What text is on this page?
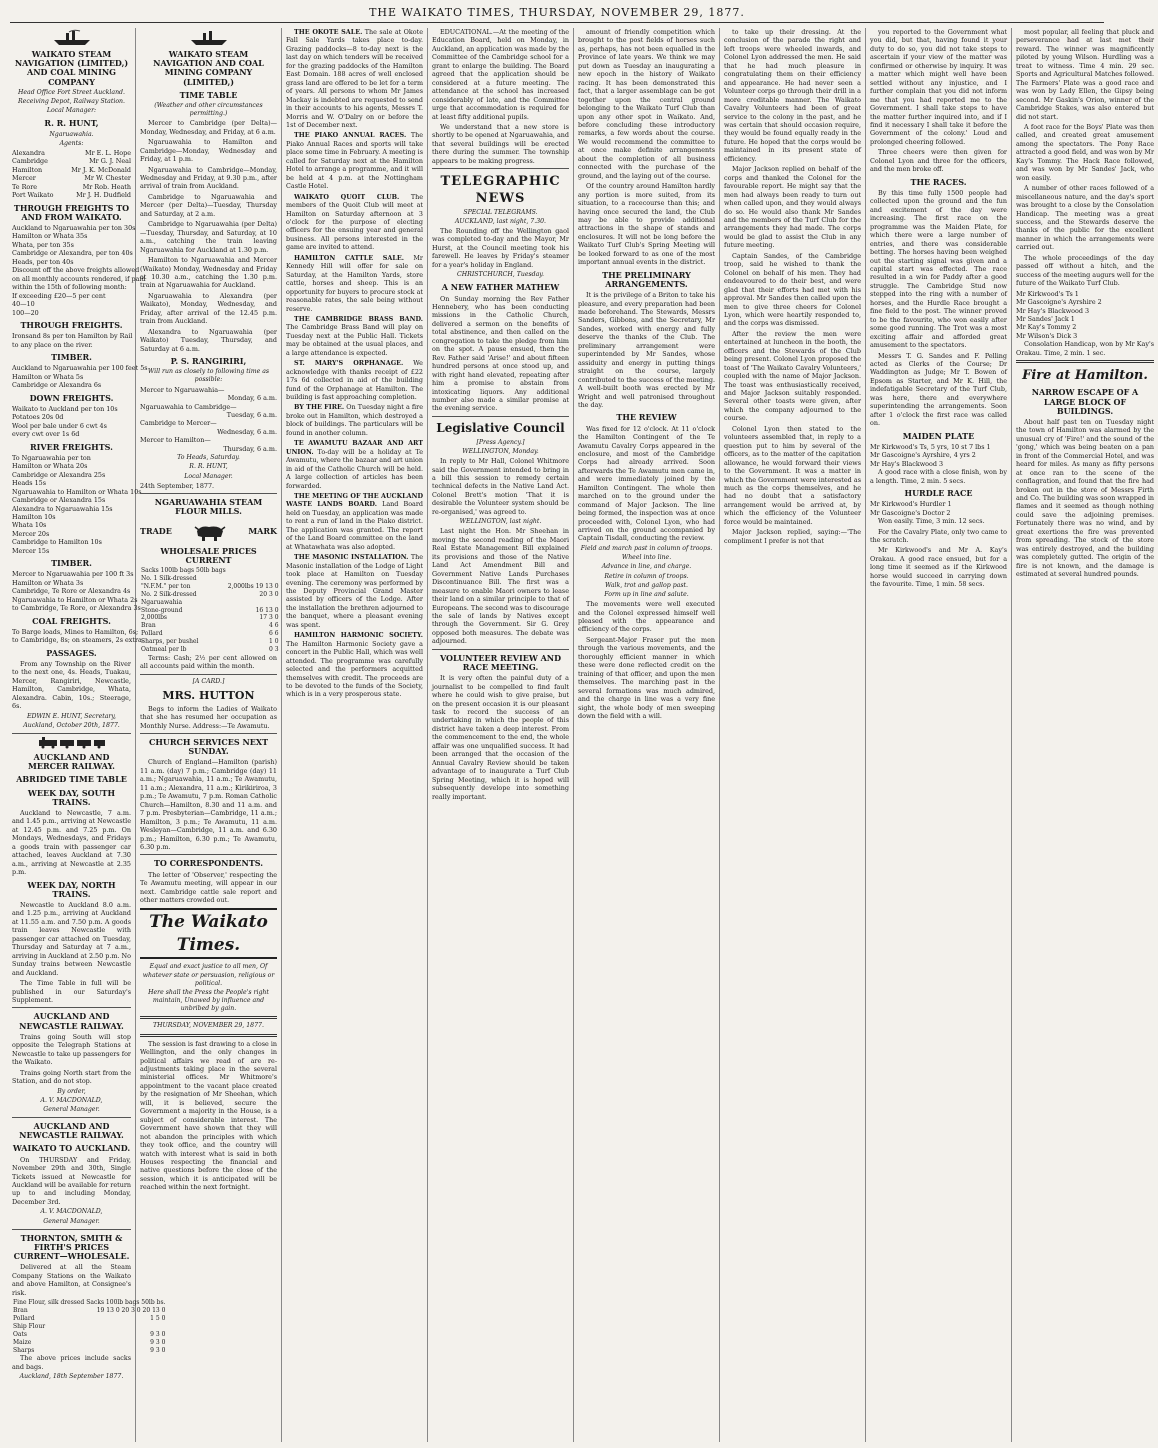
THE WAIKATO TIMES, THURSDAY, NOVEMBER 29, 1877.
WAIKATO STEAM NAVIGATION (LIMITED,) AND COAL MINING COMPANY
Head Office Fort Street Auckland.
Receiving Depot, Railway Station.
Local Manager:
R. R. HUNT,
Ngaruawahia.
Agents:
Alexandra	Mr E. L. Hope
Cambridge	Mr G. J. Neal
Hamilton	Mr J. K. McDonald
Mercer	Mr W. Chester
Te Rore	Mr Rob. Heath
Port Waikato	Mr J. H. Dudfield
THROUGH FREIGHTS TO AND FROM WAIKATO.

Auckland to Ngaruawahia per ton 30s

Hamilton or Whata 35s

Whata, per ton 35s

Cambridge or Alexandra, per ton 40s

Heads, per ton 40s

Discount off the above freights allowed

on all monthly accounts rendered, if paid

within the 15th of following month:

If exceeding £20—5 per cent

40—10

100—20

THROUGH FREIGHTS.

Ironsand 8s per ton Hamilton by Rail

to any place on the river.

TIMBER.

Auckland to Ngaruawahia per 100 feet 5s

Hamilton or Whata 5s

Cambridge or Alexandra 6s

DOWN FREIGHTS.

Waikato to Auckland per ton 10s

Potatoes 20s 0d

Wool per bale under 6 cwt 4s

every cwt over 1s 6d

RIVER FREIGHTS.

To Ngaruawahia per ton

Hamilton or Whata 20s

Cambridge or Alexandra 25s

Heads 15s

Ngaruawahia to Hamilton or Whata 10s

Cambridge or Alexandra 15s

Alexandra to Ngaruawahia 15s

Hamilton 10s

Whata 10s

Mercer 20s

Cambridge to Hamilton 10s

Mercer 15s

TIMBER.

Mercer to Ngaruawahia per 100 ft 3s

Hamilton or Whata 3s

Cambridge, Te Rore or Alexandra 4s

Ngaruawahia to Hamilton or Whata 2s

to Cambridge, Te Rore, or Alexandra 3s

COAL FREIGHTS.

To Barge loads, Mines to Hamilton, 6s;

to Cambridge, 8s; on steamers, 2s extra.

PASSAGES.

From any Township on the River to the next one, 4s. Heads, Tuakau, Mercer, Rangiriri, Newcastle, Hamilton, Cambridge, Whata, Alexandra. Cabin, 10s.; Steerage, 6s.

EDWIN E. HUNT, Secretary,

Auckland, October 20th, 1877.

AUCKLAND AND MERCER RAILWAY.
ABRIDGED TIME TABLE
WEEK DAY, SOUTH TRAINS.

Auckland to Newcastle, 7 a.m. and 1.45 p.m., arriving at Newcastle at 12.45 p.m. and 7.25 p.m. On Mondays, Wednesdays, and Fridays a goods train with passenger car attached, leaves Auckland at 7.30 a.m., arriving at Newcastle at 2.35 p.m.

WEEK DAY, NORTH TRAINS.

Newcastle to Auckland 8.0 a.m. and 1.25 p.m., arriving at Auckland at 11.55 a.m. and 7.50 p.m. A goods train leaves Newcastle with passenger car attached on Tuesday, Thursday and Saturday at 7 a.m., arriving in Auckland at 2.50 p.m. No Sunday trains between Newcastle and Auckland.

The Time Table in full will be published in our Saturday's Supplement.

AUCKLAND AND NEWCASTLE RAILWAY.

Trains going South will stop opposite the Telegraph Stations at Newcastle to take up passengers for the Waikato.

Trains going North start from the Station, and do not stop.

By order,

A. V. MACDONALD,

General Manager.

AUCKLAND AND NEWCASTLE RAILWAY.
WAIKATO TO AUCKLAND.

On THURSDAY and Friday, November 29th and 30th, Single Tickets issued at Newcastle for Auckland will be available for return up to and including Monday, December 3rd.

A. V. MACDONALD,

General Manager.

THORNTON, SMITH & FIRTH'S PRICES CURRENT—WHOLESALE.

Delivered at all the Steam Company Stations on the Waikato and above Hamilton, at Consignee's risk.

Fine Flour, silk dressed	Sacks 100lb bags 50lb bs.
Bran	19 13 0 20 3 0 20 13 0
Pollard	1 5 0
Ship Flour	
Oats	9 3 0
Maize	9 3 0
Sharps	9 3 0

The above prices include sacks and bags.

Auckland, 18th September 1877.

WAIKATO STEAM NAVIGATION AND COAL MINING COMPANY (LIMITED,)
TIME TABLE
(Weather and other circumstances permitting.)

Mercer to Cambridge (per Delta)—Monday, Wednesday, and Friday, at 6 a.m.

Ngaruawahia to Hamilton and Cambridge—Monday, Wednesday and Friday, at 1 p.m.

Ngaruawahia to Cambridge—Monday, Wednesday and Friday, at 9.30 p.m., after arrival of train from Auckland.

Cambridge to Ngaruawahia and Mercer (per Delta)—Tuesday, Thursday and Saturday, at 2 a.m.

Cambridge to Ngaruawahia (per Delta)—Tuesday, Thursday, and Saturday, at 10 a.m., catching the train leaving Ngaruawahia for Auckland at 1.30 p.m.

Hamilton to Ngaruawahia and Mercer (Waikato) Monday, Wednesday and Friday at 10.30 a.m., catching the 1.30 p.m. train at Ngaruawahia for Auckland.

Ngaruawahia to Alexandra (per Waikato), Monday, Wednesday, and Friday, after arrival of the 12.45 p.m. train from Auckland.

Alexandra to Ngaruawahia (per Waikato) Tuesday, Thursday, and Saturday at 6 a.m.

P. S. RANGIRIRI,
Will run as closely to following time as possible:

Mercer to Ngaruawahia—

Monday, 6 a.m.

Ngaruawahia to Cambridge—

Tuesday, 6 a.m.

Cambridge to Mercer—

Wednesday, 6 a.m.

Mercer to Hamilton—

Thursday, 6 a.m.

To Heads, Saturday.

R. R. HUNT,

Local Manager.

24th September, 1877.

NGARUAWAHIA STEAM FLOUR MILLS.
TRADE	MARK
WHOLESALE PRICES CURRENT
Sacks 100lb bags 50lb bags	
No. 1 Silk-dressed	
"N.F.M." per ton	2,000lbs 19 13 0
No. 2 Silk-dressed	20 3 0
Ngaruawahia	
Stone-ground	16 13 0
2,000lbs	17 3 0
Bran	4 6
Pollard	6 6
Sharps, per bushel	1 0
Oatmeal per lb	0 3

Terms: Cash; 2½ per cent allowed on all accounts paid within the month.

[A CARD.]
MRS. HUTTON

Begs to inform the Ladies of Waikato that she has resumed her occupation as Monthly Nurse. Address:—Te Awamutu.

CHURCH SERVICES NEXT SUNDAY.

Church of England—Hamilton (parish) 11 a.m. (day) 7 p.m.; Cambridge (day) 11 a.m.; Ngaruawahia, 11 a.m.; Te Awamutu, 11 a.m.; Alexandra, 11 a.m.; Kirikiriroa, 3 p.m.; Te Awamutu, 7 p.m. Roman Catholic Church—Hamilton, 8.30 and 11 a.m. and 7 p.m. Presbyterian—Cambridge, 11 a.m.; Hamilton, 3 p.m.; Te Awamutu, 11 a.m. Wesleyan—Cambridge, 11 a.m. and 6.30 p.m.; Hamilton, 6.30 p.m.; Te Awamutu, 6.30 p.m.

TO CORRESPONDENTS.

The letter of 'Observer,' respecting the Te Awamutu meeting, will appear in our next. Cambridge cattle sale report and other matters crowded out.

The Waikato Times.

Equal and exact justice to all men, Of whatever state or persuasion, religious or political.

Here shall the Press the People's right maintain, Unawed by influence and unbribed by gain.

THURSDAY, NOVEMBER 29, 1877.

The session is fast drawing to a close in Wellington, and the only changes in political affairs we read of are re-adjustments taking place in the several ministerial offices. Mr Whitmore's appointment to the vacant place created by the resignation of Mr Sheehan, which will, it is believed, secure the Government a majority in the House, is a subject of considerable interest. The Government have shown that they will not abandon the principles with which they took office, and the country will watch with interest what is said in both Houses respecting the financial and native questions before the close of the session, which it is anticipated will be reached within the next fortnight.

THE OKOTE SALE. The sale at Okote Fall Sale Yards takes place to-day. Grazing paddocks—8 to-day next is the last day on which tenders will be received for the grazing paddocks of the Hamilton East Domain. 188 acres of well enclosed grass land are offered to be let for a term of years. All persons to whom Mr James Mackay is indebted are requested to send in their accounts to his agents, Messrs T. Morris and W. O'Dalry on or before the 1st of December next.

THE PIAKO ANNUAL RACES. The Piako Annual Races and sports will take place some time in February. A meeting is called for Saturday next at the Hamilton Hotel to arrange a programme, and it will be held at 4 p.m. at the Nottingham Castle Hotel.

WAIKATO QUOIT CLUB. The members of the Quoit Club will meet at Hamilton on Saturday afternoon at 3 o'clock for the purpose of electing officers for the ensuing year and general business. All persons interested in the game are invited to attend.

HAMILTON CATTLE SALE. Mr Kennedy Hill will offer for sale on Saturday, at the Hamilton Yards, store cattle, horses and sheep. This is an opportunity for buyers to procure stock at reasonable rates, the sale being without reserve.

THE CAMBRIDGE BRASS BAND. The Cambridge Brass Band will play on Tuesday next at the Public Hall. Tickets may be obtained at the usual places, and a large attendance is expected.

ST. MARY'S ORPHANAGE. We acknowledge with thanks receipt of £22 17s 6d collected in aid of the building fund of the Orphanage at Hamilton. The building is fast approaching completion.

BY THE FIRE. On Tuesday night a fire broke out in Hamilton, which destroyed a block of buildings. The particulars will be found in another column.

TE AWAMUTU BAZAAR AND ART UNION. To-day will be a holiday at Te Awamutu, where the bazaar and art union in aid of the Catholic Church will be held. A large collection of articles has been forwarded.

THE MEETING OF THE AUCKLAND WASTE LANDS BOARD. Land Board held on Tuesday, an application was made to rent a run of land in the Piako district. The application was granted. The report of the Land Board committee on the land at Whatawhata was also adopted.

THE MASONIC INSTALLATION. The Masonic installation of the Lodge of Light took place at Hamilton on Tuesday evening. The ceremony was performed by the Deputy Provincial Grand Master assisted by officers of the Lodge. After the installation the brethren adjourned to the banquet, where a pleasant evening was spent.

HAMILTON HARMONIC SOCIETY. The Hamilton Harmonic Society gave a concert in the Public Hall, which was well attended. The programme was carefully selected and the performers acquitted themselves with credit. The proceeds are to be devoted to the funds of the Society, which is in a very prosperous state.

EDUCATIONAL.—At the meeting of the Education Board, held on Monday, in Auckland, an application was made by the Committee of the Cambridge school for a grant to enlarge the building. The Board agreed that the application should be considered at a future meeting. The attendance at the school has increased considerably of late, and the Committee urge that accommodation is required for at least fifty additional pupils.

We understand that a new store is shortly to be opened at Ngaruawahia, and that several buildings will be erected there during the summer. The township appears to be making progress.

TELEGRAPHIC NEWS
SPECIAL TELEGRAMS.
AUCKLAND, last night, 7.30.

The Rounding off the Wellington gaol was completed to-day and the Mayor, Mr Hurst, at the Council meeting took his farewell. He leaves by Friday's steamer for a year's holiday in England.

CHRISTCHURCH, Tuesday.
A NEW FATHER MATHEW

On Sunday morning the Rev Father Hennebery, who has been conducting missions in the Catholic Church, delivered a sermon on the benefits of total abstinence, and then called on the congregation to take the pledge from him on the spot. A pause ensued, then the Rev. Father said 'Arise!' and about fifteen hundred persons at once stood up, and with right hand elevated, repeating after him a promise to abstain from intoxicating liquors. Any additional number also made a similar promise at the evening service.

Legislative Council
[Press Agency.]
WELLINGTON, Monday.

In reply to Mr Hall, Colonel Whitmore said the Government intended to bring in a bill this session to remedy certain technical defects in the Native Land Act. Colonel Brett's motion 'That it is desirable the Volunteer system should be re-organised,' was agreed to.

WELLINGTON, last night.

Last night the Hon. Mr Sheehan in moving the second reading of the Maori Real Estate Management Bill explained its provisions and those of the Native Land Act Amendment Bill and Government Native Lands Purchases Discontinuance Bill. The first was a measure to enable Maori owners to lease their land on a similar principle to that of Europeans. The second was to discourage the sale of lands by Natives except through the Government. Sir G. Grey opposed both measures. The debate was adjourned.

VOLUNTEER REVIEW AND RACE MEETING.

It is very often the painful duty of a journalist to be compelled to find fault where he could wish to give praise, but on the present occasion it is our pleasant task to record the success of an undertaking in which the people of this district have taken a deep interest. From the commencement to the end, the whole affair was one unqualified success. It had been arranged that the occasion of the Annual Cavalry Review should be taken advantage of to inaugurate a Turf Club Spring Meeting, which it is hoped will subsequently develope into something really important.

amount of friendly competition which brought to the post fields of horses such as, perhaps, has not been equalled in the Province of late years. We think we may put down as Tuesday an inaugurating a new epoch in the history of Waikato racing. It has been demonstrated this fact, that a larger assemblage can be got together upon the central ground belonging to the Waikato Turf Club than upon any other spot in Waikato. And, before concluding these introductory remarks, a few words about the course. We would recommend the committee to at once make definite arrangements about the completion of all business connected with the purchase of the ground, and the laying out of the course.

Of the country around Hamilton hardly any portion is more suited, from its situation, to a racecourse than this; and having once secured the land, the Club may be able to provide additional attractions in the shape of stands and enclosures. It will not be long before the Waikato Turf Club's Spring Meeting will be looked forward to as one of the most important annual events in the district.

THE PRELIMINARY ARRANGEMENTS.

It is the privilege of a Briton to take his pleasure, and every preparation had been made beforehand. The Stewards, Messrs Sanders, Gibbons, and the Secretary, Mr Sandes, worked with energy and fully deserve the thanks of the Club. The preliminary arrangement were superintended by Mr Sandes, whose assiduity and energy in putting things straight on the course, largely contributed to the success of the meeting. A well-built booth was erected by Mr Wright and well patronised throughout the day.

THE REVIEW

Was fixed for 12 o'clock. At 11 o'clock the Hamilton Contingent of the Te Awamutu Cavalry Corps appeared in the enclosure, and most of the Cambridge Corps had already arrived. Soon afterwards the Te Awamutu men came in, and were immediately joined by the Hamilton Contingent. The whole then marched on to the ground under the command of Major Jackson. The line being formed, the inspection was at once proceeded with, Colonel Lyon, who had arrived on the ground accompanied by Captain Tisdall, conducting the review.

Field and march past in column of troops.

Wheel into line.

Advance in line, and charge.

Retire in column of troops.

Walk, trot and gallop past.

Form up in line and salute.

The movements were well executed and the Colonel expressed himself well pleased with the appearance and efficiency of the corps.

Sergeant-Major Fraser put the men through the various movements, and the thoroughly efficient manner in which these were done reflected credit on the training of that officer, and upon the men themselves. The marching past in the several formations was much admired, and the charge in line was a very fine sight, the whole body of men sweeping down the field with a will.

to take up their dressing. At the conclusion of the parade the right and left troops were wheeled inwards, and Colonel Lyon addressed the men. He said that he had much pleasure in congratulating them on their efficiency and appearance. He had never seen a Volunteer corps go through their drill in a more creditable manner. The Waikato Cavalry Volunteers had been of great service to the colony in the past, and he was certain that should occasion require, they would be found equally ready in the future. He hoped that the corps would be maintained in its present state of efficiency.

Major Jackson replied on behalf of the corps and thanked the Colonel for the favourable report. He might say that the men had always been ready to turn out when called upon, and they would always do so. He would also thank Mr Sandes and the members of the Turf Club for the arrangements they had made. The corps would be glad to assist the Club in any future meeting.

Captain Sandes, of the Cambridge troop, said he wished to thank the Colonel on behalf of his men. They had endeavoured to do their best, and were glad that their efforts had met with his approval. Mr Sandes then called upon the men to give three cheers for Colonel Lyon, which were heartily responded to, and the corps was dismissed.

After the review the men were entertained at luncheon in the booth, the officers and the Stewards of the Club being present. Colonel Lyon proposed the toast of 'The Waikato Cavalry Volunteers,' coupled with the name of Major Jackson. The toast was enthusiastically received, and Major Jackson suitably responded. Several other toasts were given, after which the company adjourned to the course.

Colonel Lyon then stated to the volunteers assembled that, in reply to a question put to him by several of the officers, as to the matter of the capitation allowance, he would forward their views to the Government. It was a matter in which the Government were interested as much as the corps themselves, and he had no doubt that a satisfactory arrangement would be arrived at, by which the efficiency of the Volunteer force would be maintained.

Major Jackson replied, saying:—'The compliment I prefer is not that

you reported to the Government what you did, but that, having found it your duty to do so, you did not take steps to ascertain if your view of the matter was confirmed or otherwise by inquiry. It was a matter which might well have been settled without any injustice, and I further complain that you did not inform me that you had reported me to the Government. I shall take steps to have the matter further inquired into, and if I find it necessary I shall take it before the Government of the colony.' Loud and prolonged cheering followed.

Three cheers were then given for Colonel Lyon and three for the officers, and the men broke off.

THE RACES.

By this time fully 1500 people had collected upon the ground and the fun and excitement of the day were increasing. The first race on the programme was the Maiden Plate, for which there were a large number of entries, and there was considerable betting. The horses having been weighed out the starting signal was given and a capital start was effected. The race resulted in a win for Paddy after a good struggle. The Cambridge Stud now stepped into the ring with a number of horses, and the Hurdle Race brought a fine field to the post. The winner proved to be the favourite, who won easily after some good running. The Trot was a most exciting affair and afforded great amusement to the spectators.

Messrs T. G. Sandes and F. Pelling acted as Clerks of the Course; Dr Waddington as Judge; Mr T. Bowen of Epsom as Starter, and Mr K. Hill, the indefatigable Secretary of the Turf Club, was here, there and everywhere superintending the arrangements. Soon after 1 o'clock the first race was called on.

MAIDEN PLATE

Mr Kirkwood's Ts, 5 yrs, 10 st 7 lbs 1

Mr Gascoigne's Ayrshire, 4 yrs 2

Mr Hay's Blackwood 3

A good race with a close finish, won by a length. Time, 2 min. 5 secs.

HURDLE RACE

Mr Kirkwood's Hurdler 1

Mr Gascoigne's Doctor 2

Won easily. Time, 3 min. 12 secs.

For the Cavalry Plate, only two came to the scratch.

Mr Kirkwood's and Mr A. Kay's Orakau. A good race ensued, but for a long time it seemed as if the Kirkwood horse would succeed in carrying down the favourite. Time, 1 min. 58 secs.

most popular, all feeling that pluck and perseverance had at last met their reward. The winner was magnificently piloted by young Wilson. Hurdling was a treat to witness. Time 4 min. 29 sec. Sports and Agricultural Matches followed. The Farmers' Plate was a good race and was won by Lady Ellen, the Gipsy being second. Mr Gaskin's Orion, winner of the Cambridge Stakes, was also entered but did not start.

A foot race for the Boys' Plate was then called, and created great amusement among the spectators. The Pony Race attracted a good field, and was won by Mr Kay's Tommy. The Hack Race followed, and was won by Mr Sandes' Jack, who won easily.

A number of other races followed of a miscellaneous nature, and the day's sport was brought to a close by the Consolation Handicap. The meeting was a great success, and the Stewards deserve the thanks of the public for the excellent manner in which the arrangements were carried out.

The whole proceedings of the day passed off without a hitch, and the success of the meeting augurs well for the future of the Waikato Turf Club.

Mr Kirkwood's Ts 1

Mr Gascoigne's Ayrshire 2

Mr Hay's Blackwood 3

Mr Sandes' Jack 1

Mr Kay's Tommy 2

Mr Wilson's Dick 3

Consolation Handicap, won by Mr Kay's Orakau. Time, 2 min. 1 sec.

Fire at Hamilton.
NARROW ESCAPE OF A LARGE BLOCK OF BUILDINGS.

About half past ten on Tuesday night the town of Hamilton was alarmed by the unusual cry of 'Fire!' and the sound of the 'gong,' which was being beaten on a pan in front of the Commercial Hotel, and was heard for miles. As many as fifty persons at once ran to the scene of the conflagration, and found that the fire had broken out in the store of Messrs Firth and Co. The building was soon wrapped in flames and it seemed as though nothing could save the adjoining premises. Fortunately there was no wind, and by great exertions the fire was prevented from spreading. The stock of the store was entirely destroyed, and the building was completely gutted. The origin of the fire is not known, and the damage is estimated at several hundred pounds.
